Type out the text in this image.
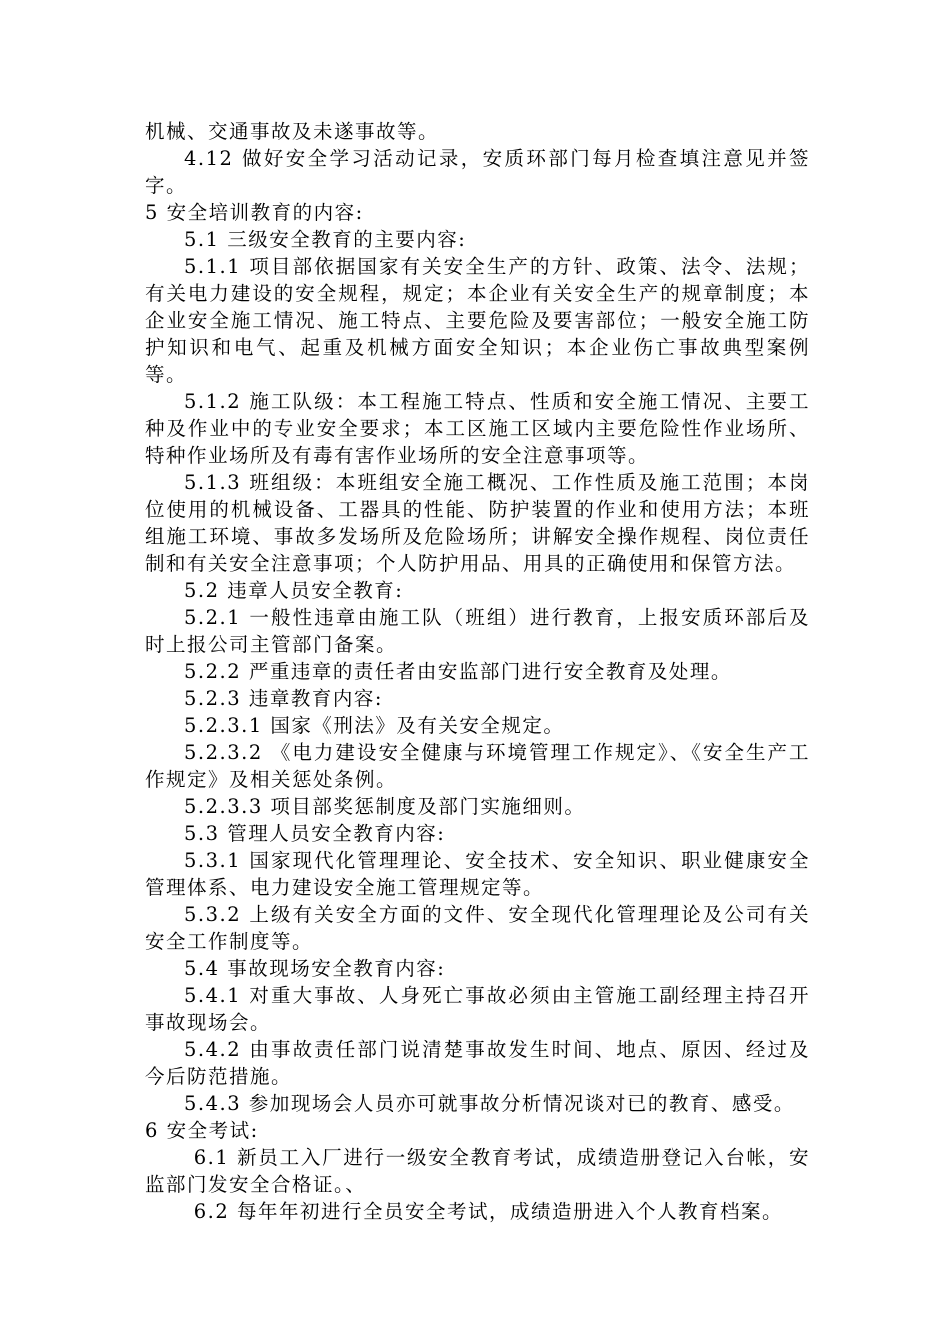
机械、交通事故及未遂事故等。

4.12 做好安全学习活动记录，安质环部门每月检查填注意见并签字。

5 安全培训教育的内容:

5.1 三级安全教育的主要内容:

5.1.1 项目部依据国家有关安全生产的方针、政策、法令、法规；有关电力建设的安全规程，规定；本企业有关安全生产的规章制度；本企业安全施工情况、施工特点、主要危险及要害部位；一般安全施工防护知识和电气、起重及机械方面安全知识；本企业伤亡事故典型案例等。

5.1.2 施工队级：本工程施工特点、性质和安全施工情况、主要工种及作业中的专业安全要求；本工区施工区域内主要危险性作业场所、特种作业场所及有毒有害作业场所的安全注意事项等。

5.1.3 班组级：本班组安全施工概况、工作性质及施工范围；本岗位使用的机械设备、工器具的性能、防护装置的作业和使用方法；本班组施工环境、事故多发场所及危险场所；讲解安全操作规程、岗位责任制和有关安全注意事项；个人防护用品、用具的正确使用和保管方法。

5.2 违章人员安全教育:

5.2.1 一般性违章由施工队（班组）进行教育，上报安质环部后及时上报公司主管部门备案。

5.2.2 严重违章的责任者由安监部门进行安全教育及处理。

5.2.3 违章教育内容:

5.2.3.1 国家《刑法》及有关安全规定。

5.2.3.2 《电力建设安全健康与环境管理工作规定》、《安全生产工作规定》及相关惩处条例。

5.2.3.3 项目部奖惩制度及部门实施细则。

5.3 管理人员安全教育内容:

5.3.1 国家现代化管理理论、安全技术、安全知识、职业健康安全管理体系、电力建设安全施工管理规定等。

5.3.2 上级有关安全方面的文件、安全现代化管理理论及公司有关安全工作制度等。

5.4 事故现场安全教育内容:

5.4.1 对重大事故、人身死亡事故必须由主管施工副经理主持召开事故现场会。

5.4.2 由事故责任部门说清楚事故发生时间、地点、原因、经过及今后防范措施。

5.4.3 参加现场会人员亦可就事故分析情况谈对已的教育、感受。

6 安全考试:

6.1 新员工入厂进行一级安全教育考试，成绩造册登记入台帐，安监部门发安全合格证。、

6.2 每年年初进行全员安全考试，成绩造册进入个人教育档案。
